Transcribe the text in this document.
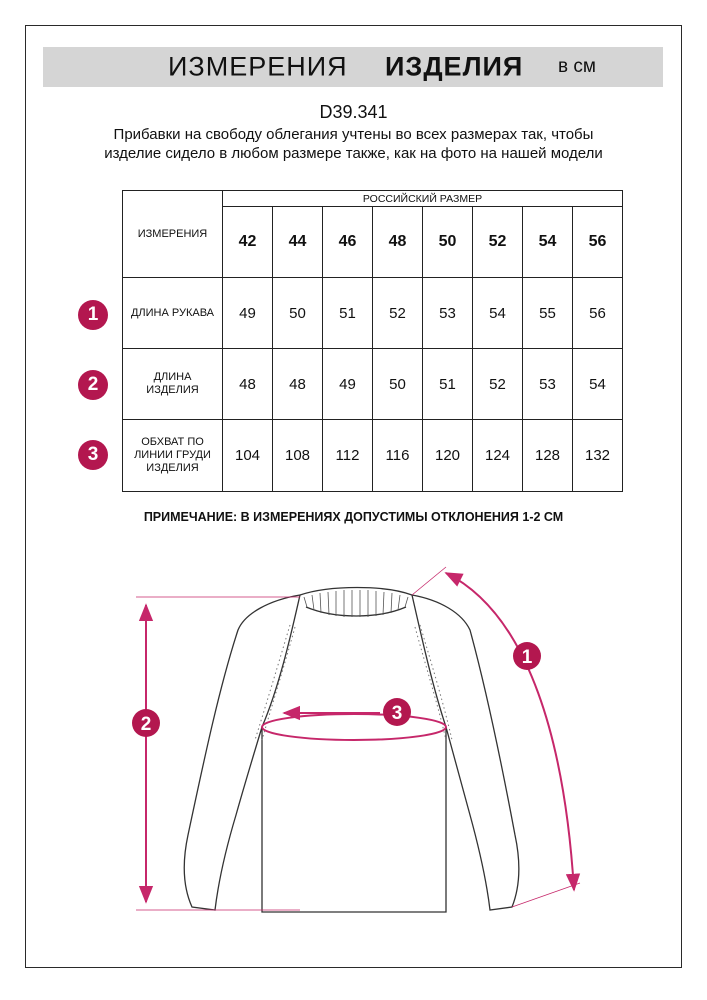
ИЗМЕРЕНИЯ ИЗДЕЛИЯ в см
D39.341
Прибавки на свободу облегания учтены во всех размерах так, чтобы изделие сидело в любом размере также, как на фото на нашей модели
ИЗМЕРЕНИЯ	РОССИЙСКИЙ РАЗМЕР							
	42	44	46	48	50	52	54	56
ДЛИНА РУКАВА	49	50	51	52	53	54	55	56
ДЛИНА
ИЗДЕЛИЯ	48	48	49	50	51	52	53	54
ОБХВАТ ПО
ЛИНИИ ГРУДИ
ИЗДЕЛИЯ	104	108	112	116	120	124	128	132
1
2
3
ПРИМЕЧАНИЕ: В ИЗМЕРЕНИЯХ ДОПУСТИМЫ ОТКЛОНЕНИЯ 1-2 СМ
1
2
3
